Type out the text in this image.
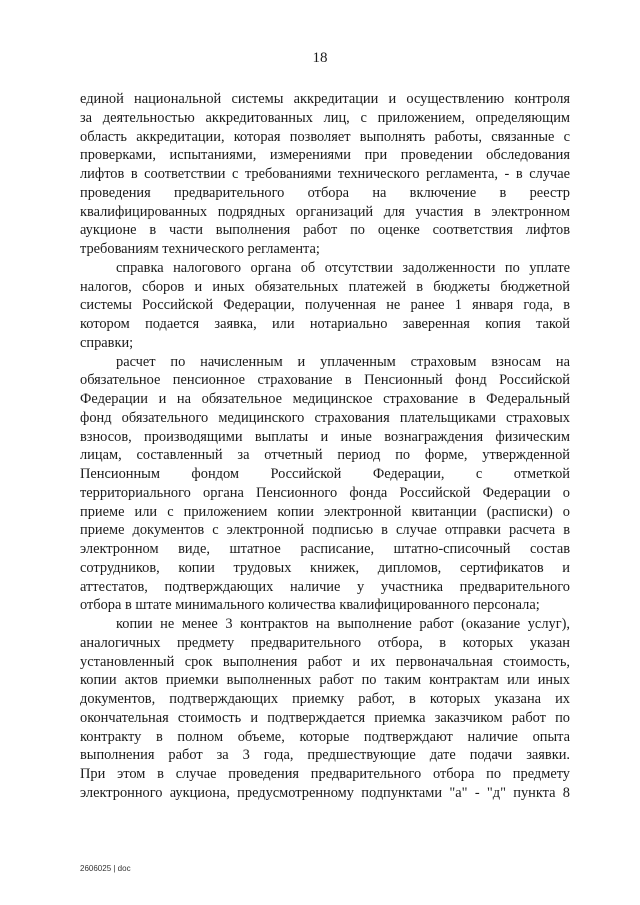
18
единой национальной системы аккредитации и осуществлению контроля
за деятельностью аккредитованных лиц, с приложением, определяющим
область аккредитации, которая позволяет выполнять работы, связанные с
проверками, испытаниями, измерениями при проведении обследования
лифтов в соответствии с требованиями технического регламента, - в случае
проведения предварительного отбора на включение в реестр
квалифицированных подрядных организаций для участия в электронном
аукционе в части выполнения работ по оценке соответствия лифтов
требованиям технического регламента;
справка налогового органа об отсутствии задолженности по уплате
налогов, сборов и иных обязательных платежей в бюджеты бюджетной
системы Российской Федерации, полученная не ранее 1 января года, в
котором подается заявка, или нотариально заверенная копия такой
справки;
расчет по начисленным и уплаченным страховым взносам на
обязательное пенсионное страхование в Пенсионный фонд Российской
Федерации и на обязательное медицинское страхование в Федеральный
фонд обязательного медицинского страхования плательщиками страховых
взносов, производящими выплаты и иные вознаграждения физическим
лицам, составленный за отчетный период по форме, утвержденной
Пенсионным фондом Российской Федерации, с отметкой
территориального органа Пенсионного фонда Российской Федерации о
приеме или с приложением копии электронной квитанции (расписки) о
приеме документов с электронной подписью в случае отправки расчета в
электронном виде, штатное расписание, штатно-списочный состав
сотрудников, копии трудовых книжек, дипломов, сертификатов и
аттестатов, подтверждающих наличие у участника предварительного
отбора в штате минимального количества квалифицированного персонала;
копии не менее 3 контрактов на выполнение работ (оказание услуг),
аналогичных предмету предварительного отбора, в которых указан
установленный срок выполнения работ и их первоначальная стоимость,
копии актов приемки выполненных работ по таким контрактам или иных
документов, подтверждающих приемку работ, в которых указана их
окончательная стоимость и подтверждается приемка заказчиком работ по
контракту в полном объеме, которые подтверждают наличие опыта
выполнения работ за 3 года, предшествующие дате подачи заявки.
При этом в случае проведения предварительного отбора по предмету
электронного аукциона, предусмотренному подпунктами "а" - "д" пункта 8
2606025 | doc
